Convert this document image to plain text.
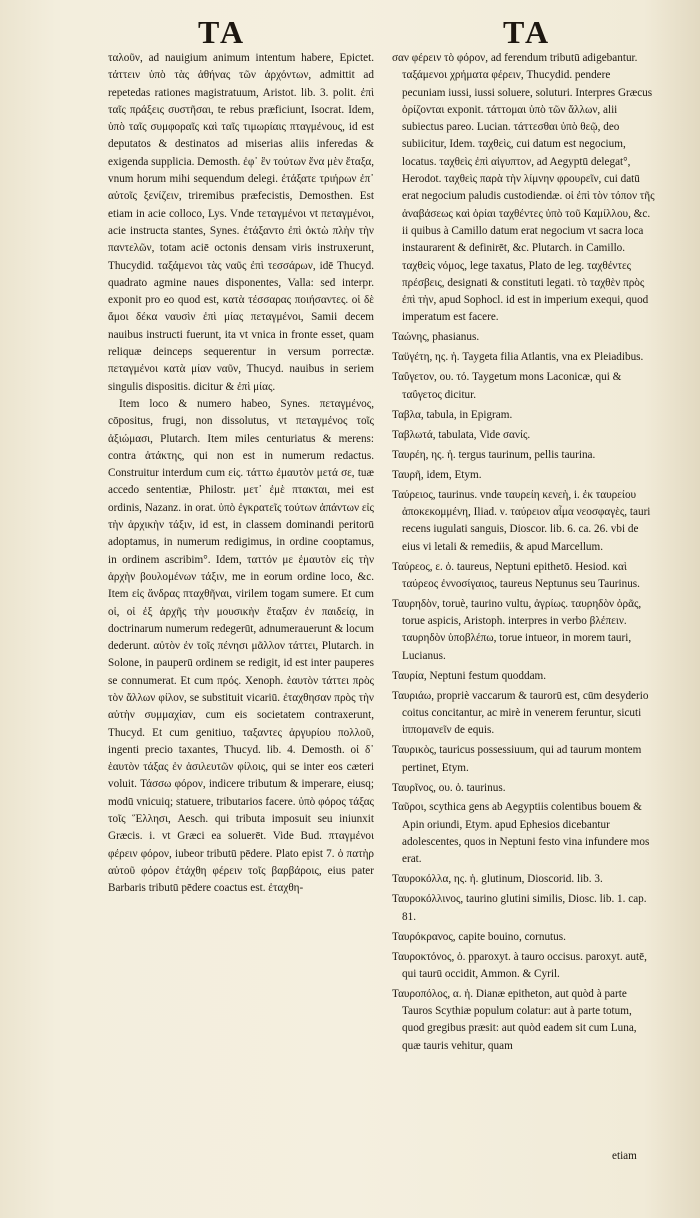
TA	TA

ταλοῦν, ad nauigium animum intentum habere, Epictet. τάττειν ὑπὸ τὰς ἀθήνας τῶν ἀρχόντων, admittit ad repetedas rationes magistratuum, Aristot. lib. 3. polit. ἐπὶ ταῖς πράξεις συστῆσαι, te rebus præficiunt, Isocrat. Idem, ὑπὸ ταῖς συμφοραῖς καὶ ταῖς τιμωρίαις πταγμένους, id est deputatos & destinatos ad miserias aliis inferedas & exigenda supplicia. Demosth. ἐφ᾽ ἓν τούτων ἕνα μὲν ἔταξα, vnum horum mihi sequendum delegi. ἐτάξατε τριήρων ἐπ᾽ αὐτοῖς ξενίζειν, triremibus præfecistis, Demosthen. Est etiam in acie colloco, Lys. Vnde τεταγμένοι vt πεταγμένοι, acie instructa stantes, Synes. ἐτάξαντο ἐπὶ ὀκτὼ πλὴν τὴν παντελῶν, totam aciē octonis densam viris instruxerunt, Thucydid. ταξάμενοι τὰς ναῦς ἐπὶ τεσσάρων, idē Thucyd. quadrato agmine naues disponentes, Valla: sed interpr. exponit pro eo quod est, κατὰ τέσσαρας ποιήσαντες. οἱ δὲ ἄμοι δέκα ναυσὶν ἐπὶ μίας πεταγμένοι, Samii decem nauibus instructi fuerunt, ita vt vnica in fronte esset, quam reliquæ deinceps sequerentur in versum porrectæ. πεταγμένοι κατὰ μίαν ναῦν, Thucyd. nauibus in seriem singulis dispositis. dicitur & ἐπὶ μίας.

Item loco & numero habeo, Synes. πεταγμένος, cōpositus, frugi, non dissolutus, vt πεταγμένος τοῖς ἀξιώμασι, Plutarch. Item miles centuriatus & merens: contra ἀτάκτης, qui non est in numerum redactus. Construitur interdum cum εἰς. τάττω ἐμαυτὸν μετά σε, tuæ accedo sententiæ, Philostr. μετ᾽ ἐμὲ πτακται, mei est ordinis, Nazanz. in orat. ὑπὸ ἐγκρατεῖς τούτων ἁπάντων εἰς τὴν ἀρχικὴν τάξιν, id est, in classem dominandi peritorū adoptamus, in numerum redigimus, in ordine cooptamus, in ordinem ascribim°. Idem, ταττόν με ἐμαυτὸν εἰς τὴν ἀρχὴν βουλομένων τάξιν, me in eorum ordine loco, &c. Item εἰς ἄνδρας πταχθῆναι, virilem togam sumere. Et cum οἱ, οἱ ἐξ ἀρχῆς τὴν μουσικὴν ἔταξαν ἐν παιδείᾳ, in doctrinarum numerum redegerūt, adnumerauerunt & locum dederunt. αὐτὸν ἐν τοῖς πένησι μᾶλλον τάττει, Plutarch. in Solone, in pauperū ordinem se redigit, id est inter pauperes se connumerat. Et cum πρός. Xenoph. ἑαυτὸν τάττει πρὸς τὸν ἄλλων φίλον, se substituit vicariū. ἐταχθησαν πρὸς τὴν αὐτὴν συμμαχίαν, cum eis societatem contraxerunt, Thucyd. Et cum genitiuo, ταξαντες ἀργυρίου πολλοῦ, ingenti precio taxantes, Thucyd. lib. 4. Demosth. οἱ δ᾽ ἑαυτὸν τάξας ἐν ἀσιλευτῶν φίλοις, qui se inter eos cæteri voluit. Τάσσω φόρον, indicere tributum & imperare, eiusq; modū vnicuiq; statuere, tributarios facere. ὑπὸ φόρος τάξας τοῖς Ἕλλησι, Aesch. qui tributa imposuit seu iniunxit Græcis. i. vt Græci ea soluerēt. Vide Bud. πταγμένοι φέρειν φόρον, iubeor tributū pēdere. Plato epist 7. ὁ πατὴρ αὐτοῦ φόρον ἐτάχθη φέρειν τοῖς βαρβάροις, eius pater Barbaris tributū pēdere coactus est. ἐταχθη-

σαν φέρειν τὸ φόρον, ad ferendum tributū adigebantur. ταξάμενοι χρήματα φέρειν, Thucydid. pendere pecuniam iussi, iussi soluere, soluturi. Interpres Græcus ὁρίζονται exponit. τάττομαι ὑπὸ τῶν ἄλλων, alii subiectus pareo. Lucian. τάττεσθαι ὑπὸ θεῷ, deo subiicitur, Idem. ταχθεὶς, cui datum est negocium, locatus. ταχθεὶς ἐπὶ αἰγυπτον, ad Aegyptū delegat°, Herodot. ταχθεὶς παρὰ τὴν λίμνην φρουρεῖν, cui datū erat negocium paludis custodiendæ. οἱ ἐπὶ τὸν τόπον τῆς ἀναβάσεως καὶ ὁρίαι ταχθέντες ὑπὸ τοῦ Καμίλλου, &c. ii quibus à Camillo datum erat negocium vt sacra loca instaurarent & definirēt, &c. Plutarch. in Camillo. ταχθεὶς νόμος, lege taxatus, Plato de leg. ταχθέντες πρέσβεις, designati & constituti legati. τὸ ταχθὲν πρὸς ἐπὶ τὴν, apud Sophocl. id est in imperium exequi, quod imperatum est facere.

Ταώνης, phasianus.

Ταϋγέτη, ης. ἡ. Taygeta filia Atlantis, vna ex Pleiadibus.

Ταΰγετον, ου. τό. Taygetum mons Laconicæ, qui & ταΰγετος dicitur.

Ταβλα, tabula, in Epigram.

Ταβλωτά, tabulata, Vide σανίς.

Ταυρέη, ης. ἡ. tergus taurinum, pellis taurina.

Ταυρῆ, idem, Etym.

Ταύρειος, taurinus. vnde ταυρείη κενεὴ, i. ἐκ ταυρείου ἀποκεκομμένη, Iliad. ν. ταύρειον αἷμα νεοσφαγὲς, tauri recens iugulati sanguis, Dioscor. lib. 6. ca. 26. vbi de eius vi letali & remediis, & apud Marcellum.

Ταύρεος, ε. ὁ. taureus, Neptuni epithetō. Hesiod. καὶ ταύρεος ἐννοσίγαιος, taureus Neptunus seu Taurinus.

Ταυρηδὸν, toruè, taurino vultu, ἀγρίως. ταυρηδὸν ὁρᾶς, torue aspicis, Aristoph. interpres in verbo βλέπειν. ταυρηδὸν ὑποβλέπω, torue intueor, in morem tauri, Lucianus.

Ταυρία, Neptuni festum quoddam.

Ταυριάω, propriè vaccarum & taurorū est, cūm desyderio coitus concitantur, ac mirè in venerem feruntur, sicuti ἱππομανεῖν de equis.

Ταυρικὸς, tauricus possessiuum, qui ad taurum montem pertinet, Etym.

Ταυρῖνος, ου. ὁ. taurinus.

Ταῦροι, scythica gens ab Aegyptiis colentibus bouem & Apin oriundi, Etym. apud Ephesios dicebantur adolescentes, quos in Neptuni festo vina infundere mos erat.

Ταυροκόλλα, ης. ἡ. glutinum, Dioscorid. lib. 3.

Ταυροκόλλινος, taurino glutini similis, Diosc. lib. 1. cap. 81.

Ταυρόκρανος, capite bouino, cornutus.

Ταυροκτόνος, ὁ. pparoxyt. à tauro occisus. paroxyt. autē, qui taurū occidit, Ammon. & Cyril.

Ταυροπόλος, α. ἡ. Dianæ epitheton, aut quòd à parte Tauros Scythiæ populum colatur: aut à parte totum, quod gregibus præsit: aut quòd eadem sit cum Luna, quæ tauris vehitur, quam

etiam
